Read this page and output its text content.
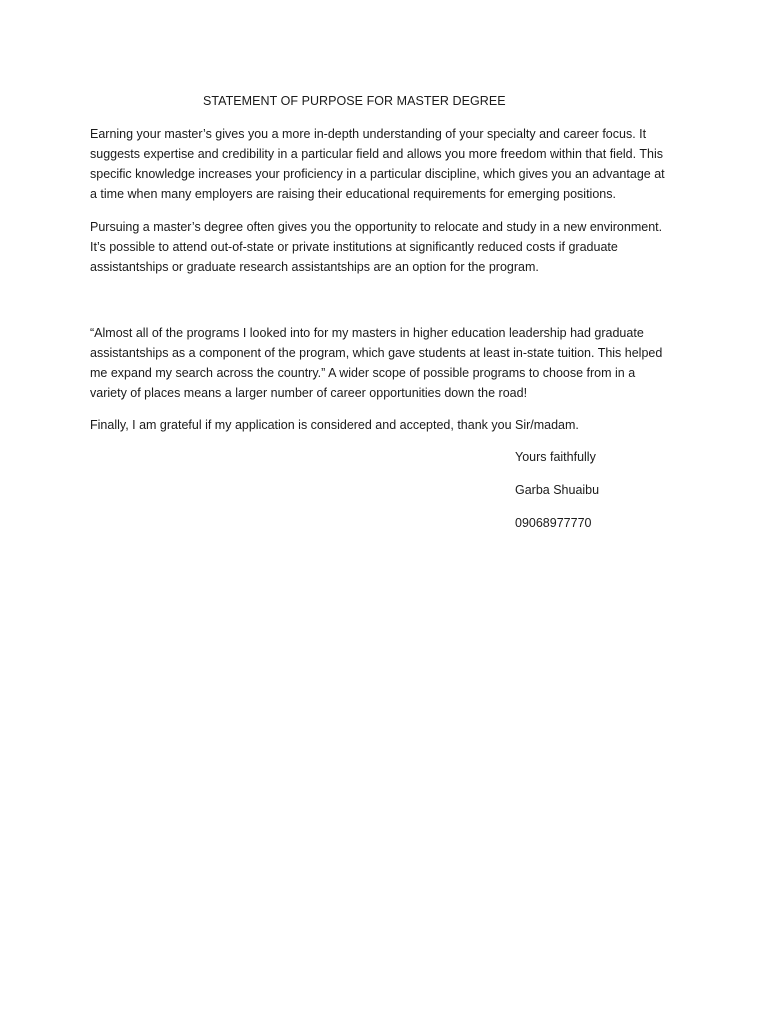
STATEMENT OF PURPOSE FOR MASTER DEGREE
Earning your master’s gives you a more in-depth understanding of your specialty and career focus. It
suggests expertise and credibility in a particular field and allows you more freedom within that field. This
specific knowledge increases your proficiency in a particular discipline, which gives you an advantage at
a time when many employers are raising their educational requirements for emerging positions.
Pursuing a master’s degree often gives you the opportunity to relocate and study in a new environment.
It’s possible to attend out-of-state or private institutions at significantly reduced costs if graduate
assistantships or graduate research assistantships are an option for the program.
“Almost all of the programs I looked into for my masters in higher education leadership had graduate
assistantships as a component of the program, which gave students at least in-state tuition. This helped
me expand my search across the country.” A wider scope of possible programs to choose from in a
variety of places means a larger number of career opportunities down the road!
Finally, I am grateful if my application is considered and accepted, thank you Sir/madam.
Yours faithfully
Garba Shuaibu
09068977770
